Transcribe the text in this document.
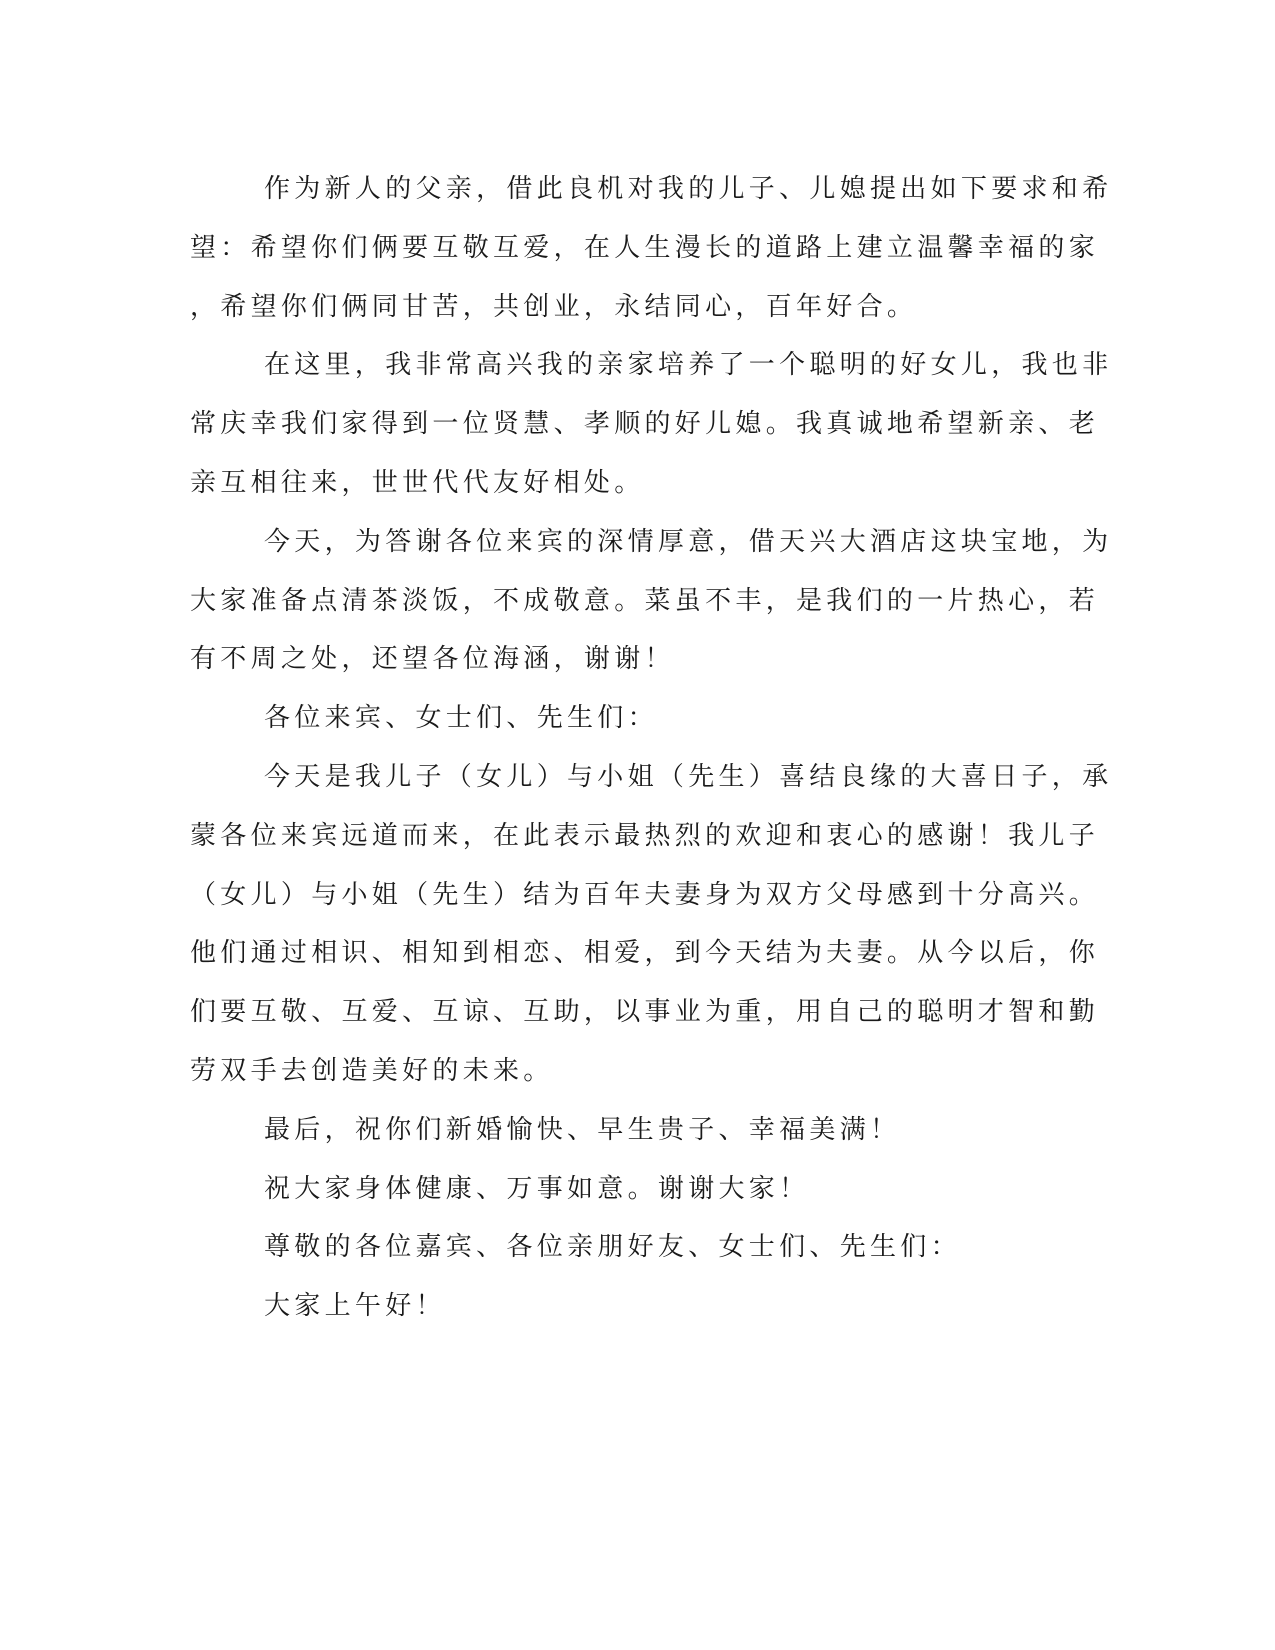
作为新人的父亲，借此良机对我的儿子、儿媳提出如下要求和希
望：希望你们俩要互敬互爱，在人生漫长的道路上建立温馨幸福的家
，希望你们俩同甘苦，共创业，永结同心，百年好合。
在这里，我非常高兴我的亲家培养了一个聪明的好女儿，我也非
常庆幸我们家得到一位贤慧、孝顺的好儿媳。我真诚地希望新亲、老
亲互相往来，世世代代友好相处。
今天，为答谢各位来宾的深情厚意，借天兴大酒店这块宝地，为
大家准备点清茶淡饭，不成敬意。菜虽不丰，是我们的一片热心，若
有不周之处，还望各位海涵，谢谢！
各位来宾、女士们、先生们：
今天是我儿子（女儿）与小姐（先生）喜结良缘的大喜日子，承
蒙各位来宾远道而来，在此表示最热烈的欢迎和衷心的感谢！我儿子
（女儿）与小姐（先生）结为百年夫妻身为双方父母感到十分高兴。
他们通过相识、相知到相恋、相爱，到今天结为夫妻。从今以后，你
们要互敬、互爱、互谅、互助，以事业为重，用自己的聪明才智和勤
劳双手去创造美好的未来。
最后，祝你们新婚愉快、早生贵子、幸福美满！
祝大家身体健康、万事如意。谢谢大家！
尊敬的各位嘉宾、各位亲朋好友、女士们、先生们：
大家上午好！
